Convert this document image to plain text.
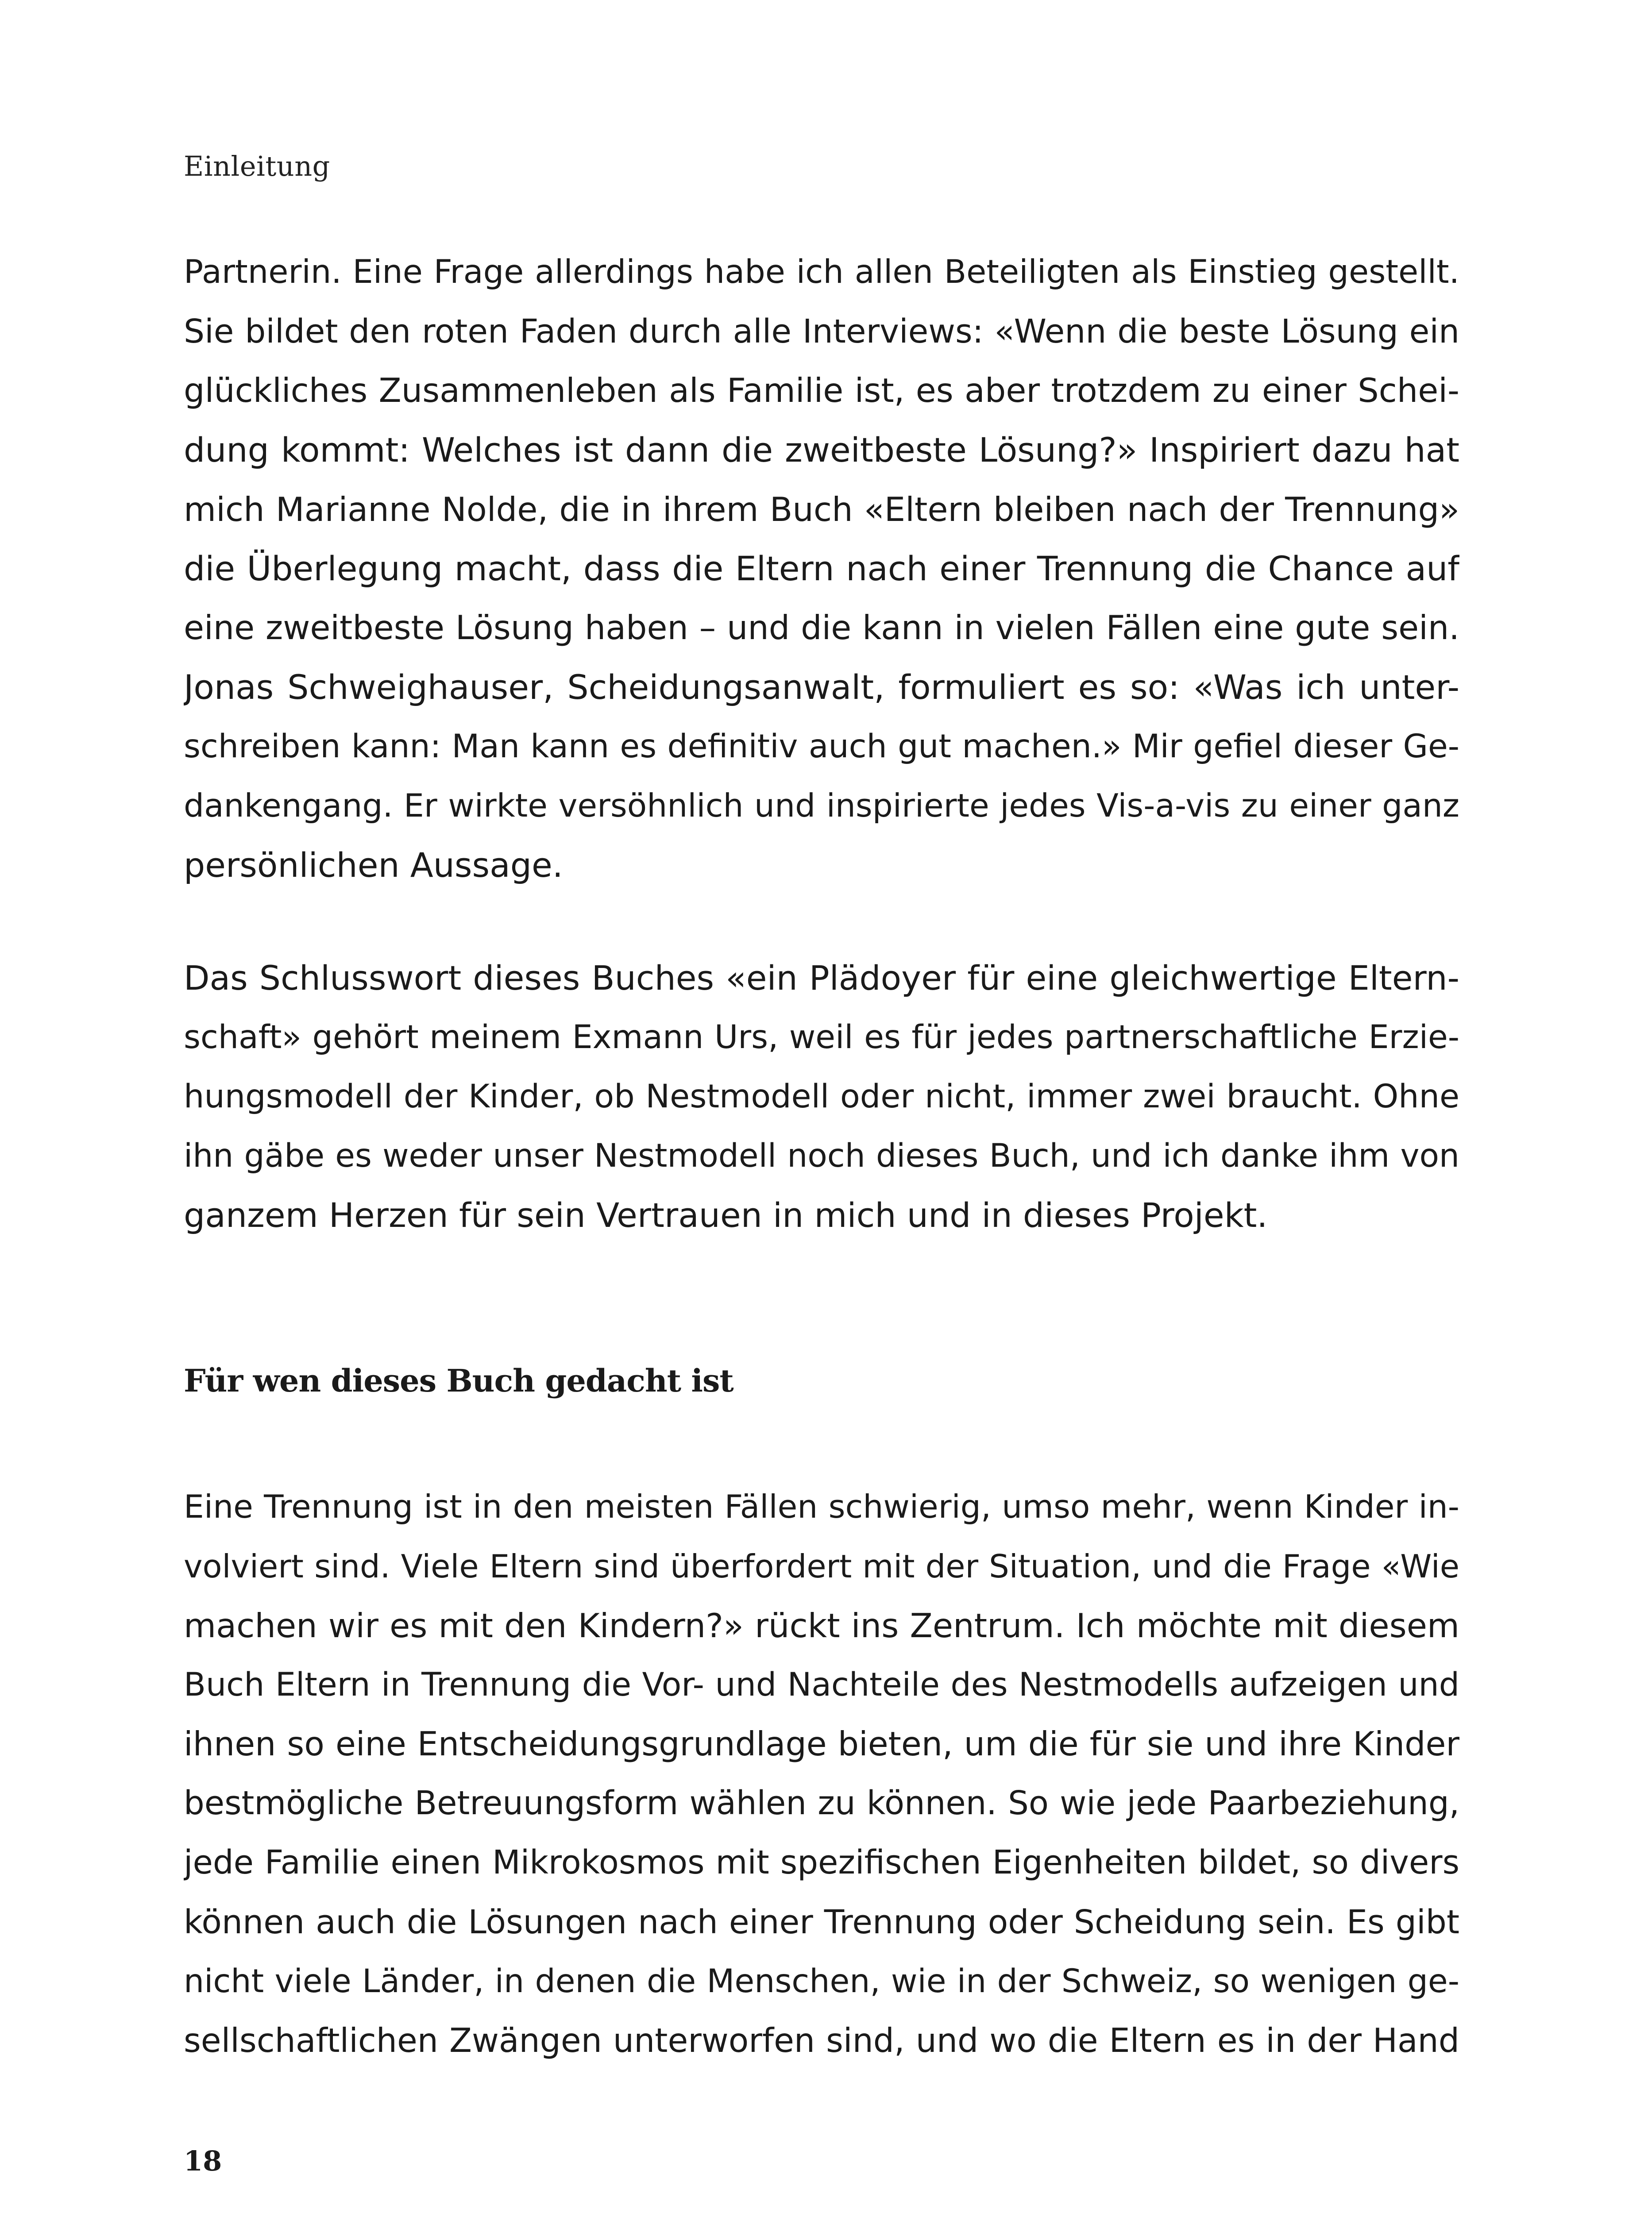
Einleitung
Partnerin. Eine Frage allerdings habe ich allen Beteiligten als Einstieg gestellt.
Sie bildet den roten Faden durch alle Interviews: «Wenn die beste Lösung ein
glückliches Zusammenleben als Familie ist, es aber trotzdem zu einer Schei-
dung kommt: Welches ist dann die zweitbeste Lösung?» Inspiriert dazu hat
mich Marianne Nolde, die in ihrem Buch «Eltern bleiben nach der Trennung»
die Überlegung macht, dass die Eltern nach einer Trennung die Chance auf
eine zweitbeste Lösung haben – und die kann in vielen Fällen eine gute sein.
Jonas Schweighauser, Scheidungsanwalt, formuliert es so: «Was ich unter-
schreiben kann: Man kann es definitiv auch gut machen.» Mir gefiel dieser Ge-
dankengang. Er wirkte versöhnlich und inspirierte jedes Vis-a-vis zu einer ganz
persönlichen Aussage.
Das Schlusswort dieses Buches «ein Plädoyer für eine gleichwertige Eltern-
schaft» gehört meinem Exmann Urs, weil es für jedes partnerschaftliche Erzie-
hungsmodell der Kinder, ob Nestmodell oder nicht, immer zwei braucht. Ohne
ihn gäbe es weder unser Nestmodell noch dieses Buch, und ich danke ihm von
ganzem Herzen für sein Vertrauen in mich und in dieses Projekt.
Für wen dieses Buch gedacht ist
Eine Trennung ist in den meisten Fällen schwierig, umso mehr, wenn Kinder in-
volviert sind. Viele Eltern sind überfordert mit der Situation, und die Frage «Wie
machen wir es mit den Kindern?» rückt ins Zentrum. Ich möchte mit diesem
Buch Eltern in Trennung die Vor- und Nachteile des Nestmodells aufzeigen und
ihnen so eine Entscheidungsgrundlage bieten, um die für sie und ihre Kinder
bestmögliche Betreuungsform wählen zu können. So wie jede Paarbeziehung,
jede Familie einen Mikrokosmos mit spezifischen Eigenheiten bildet, so divers
können auch die Lösungen nach einer Trennung oder Scheidung sein. Es gibt
nicht viele Länder, in denen die Menschen, wie in der Schweiz, so wenigen ge-
sellschaftlichen Zwängen unterworfen sind, und wo die Eltern es in der Hand
18
